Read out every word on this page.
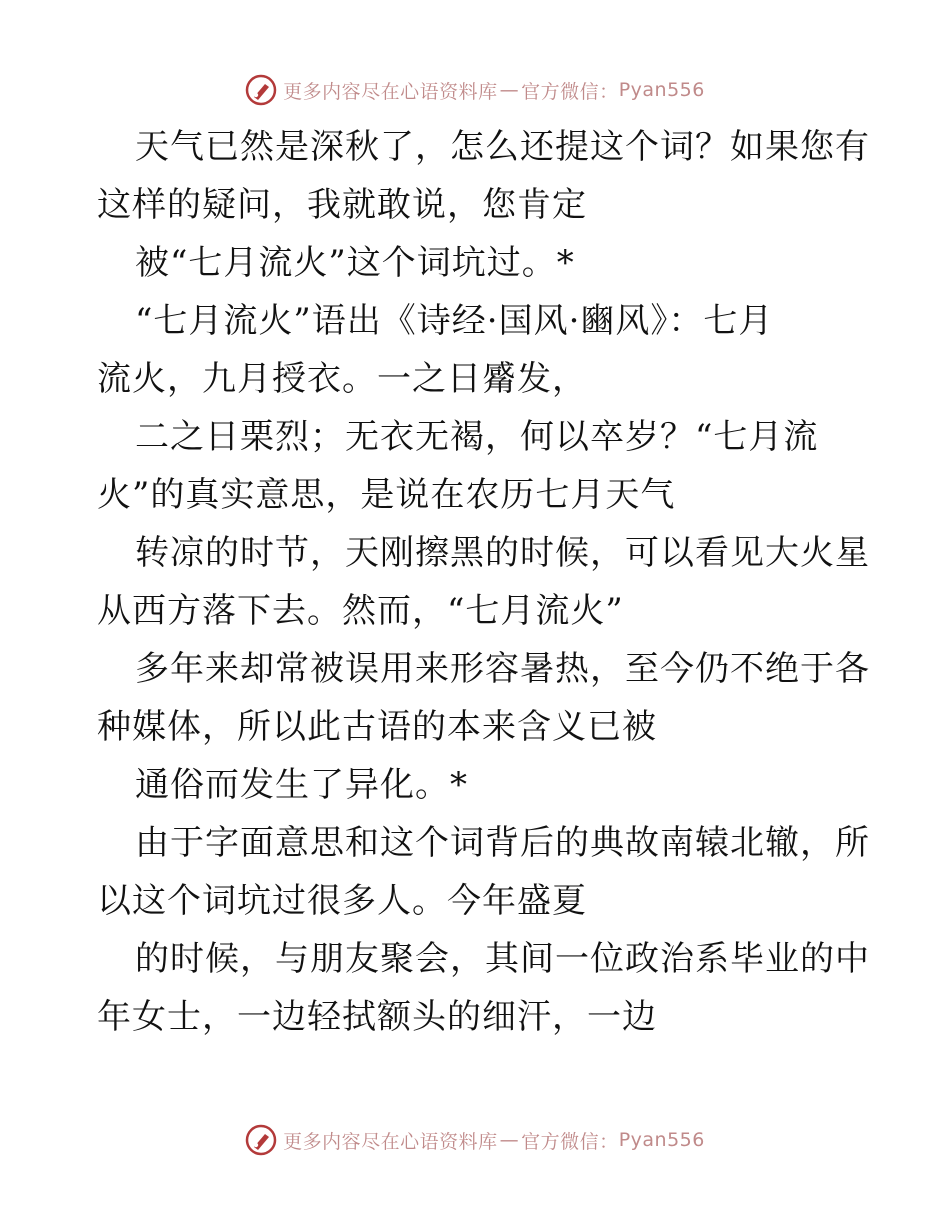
更多内容尽在心语资料库 — 官方微信： Pyan556
天气已然是深秋了，怎么还提这个词？如果您有
这样的疑问，我就敢说，您肯定
被“七月流火”这个词坑过。*
“七月流火”语出《诗经·国风·豳风》：七月
流火，九月授衣。一之日觱发，
二之日栗烈；无衣无褐，何以卒岁？“七月流
火”的真实意思，是说在农历七月天气
转凉的时节，天刚擦黑的时候，可以看见大火星
从西方落下去。然而，“七月流火”
多年来却常被误用来形容暑热，至今仍不绝于各
种媒体，所以此古语的本来含义已被
通俗而发生了异化。*
由于字面意思和这个词背后的典故南辕北辙，所
以这个词坑过很多人。今年盛夏
的时候，与朋友聚会，其间一位政治系毕业的中
年女士，一边轻拭额头的细汗，一边
更多内容尽在心语资料库 — 官方微信： Pyan556
